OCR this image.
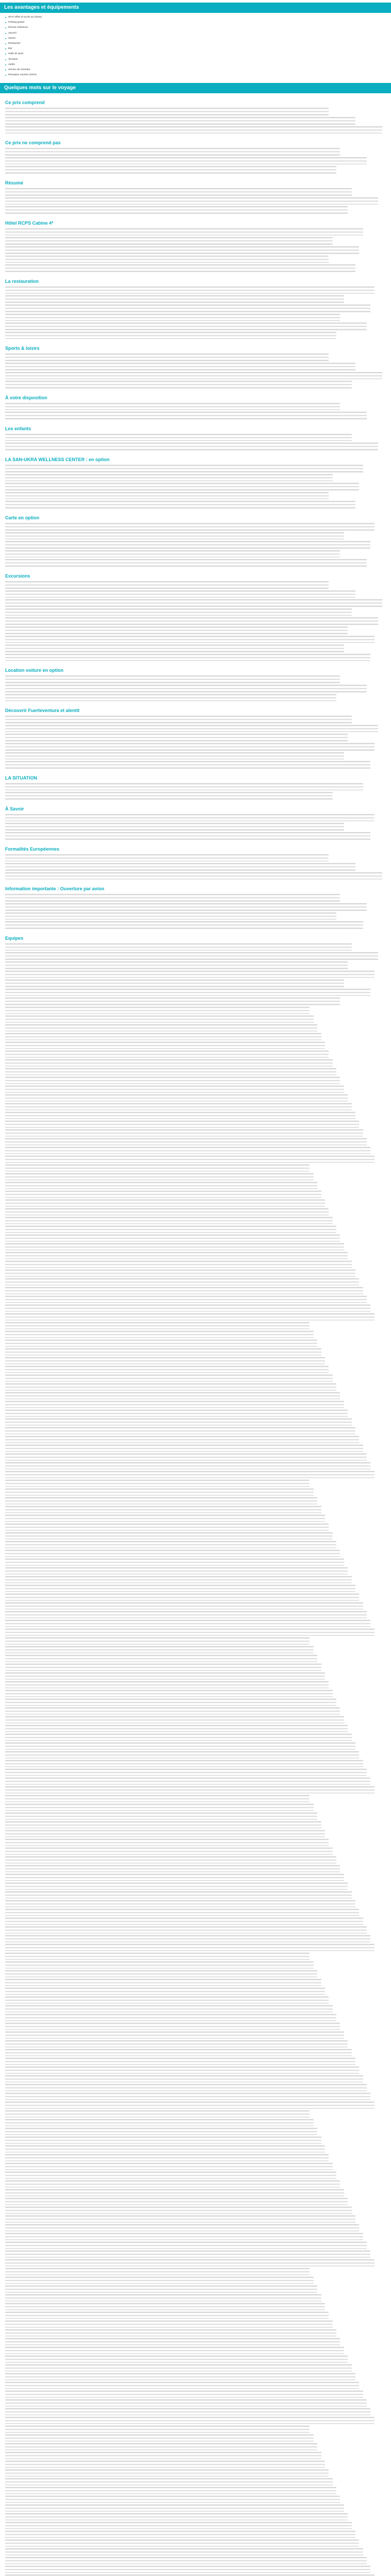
Les avantages et équipements
Wi-Fi offert et accès au réseau
Parking gratuit
Piscine extérieure
Jacuzzi
Sauna
Restaurant
Bar
Salle de sport
Terrasse
Jardin
Service de chambre
Réception ouverte 24h/24
Quelques mots sur le voyage
Ce prix comprend
Ce prix ne comprend pas
Résumé
Hôtel RCPS Cabine 4*
La restauration
Sports & loisirs
À votre disposition
Les enfants
LA SAN-UKRA WELLNESS CENTER : en option
Carte en option
Excursions
Location voiture en option
Découvrir Fuerteventura et alentit
LA SITUATION
À Savoir
Formalités Européennes
Information importante : Ouverture par avion
Equipes
